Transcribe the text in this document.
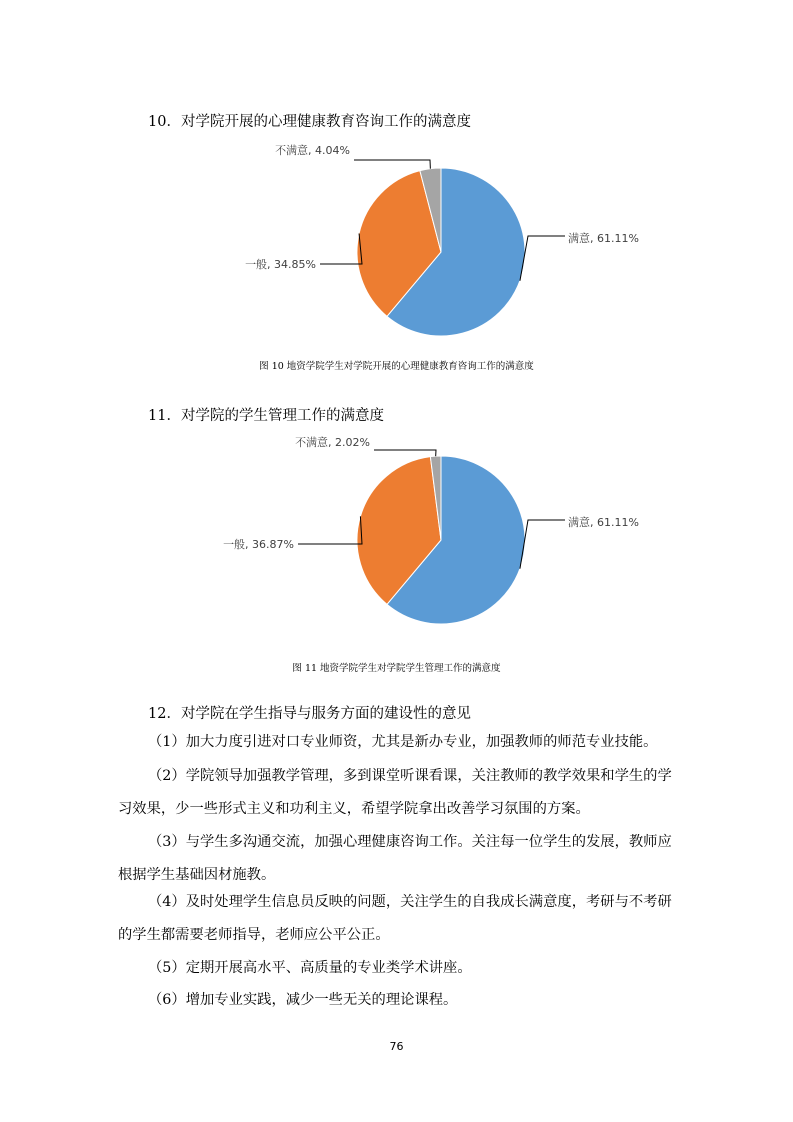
10．对学院开展的心理健康教育咨询工作的满意度
满意, 61.11%
一般, 34.85%
不满意, 4.04%
图 10 地资学院学生对学院开展的心理健康教育咨询工作的满意度
11．对学院的学生管理工作的满意度
满意, 61.11%
一般, 36.87%
不满意, 2.02%
图 11 地资学院学生对学院学生管理工作的满意度
12．对学院在学生指导与服务方面的建设性的意见
（1）加大力度引进对口专业师资，尤其是新办专业，加强教师的师范专业技能。
（2）学院领导加强教学管理，多到课堂听课看课，关注教师的教学效果和学生的学习效果，少一些形式主义和功利主义，希望学院拿出改善学习氛围的方案。
（3）与学生多沟通交流，加强心理健康咨询工作。关注每一位学生的发展，教师应根据学生基础因材施教。
（4）及时处理学生信息员反映的问题，关注学生的自我成长满意度，考研与不考研的学生都需要老师指导，老师应公平公正。
（5）定期开展高水平、高质量的专业类学术讲座。
（6）增加专业实践，减少一些无关的理论课程。
76
